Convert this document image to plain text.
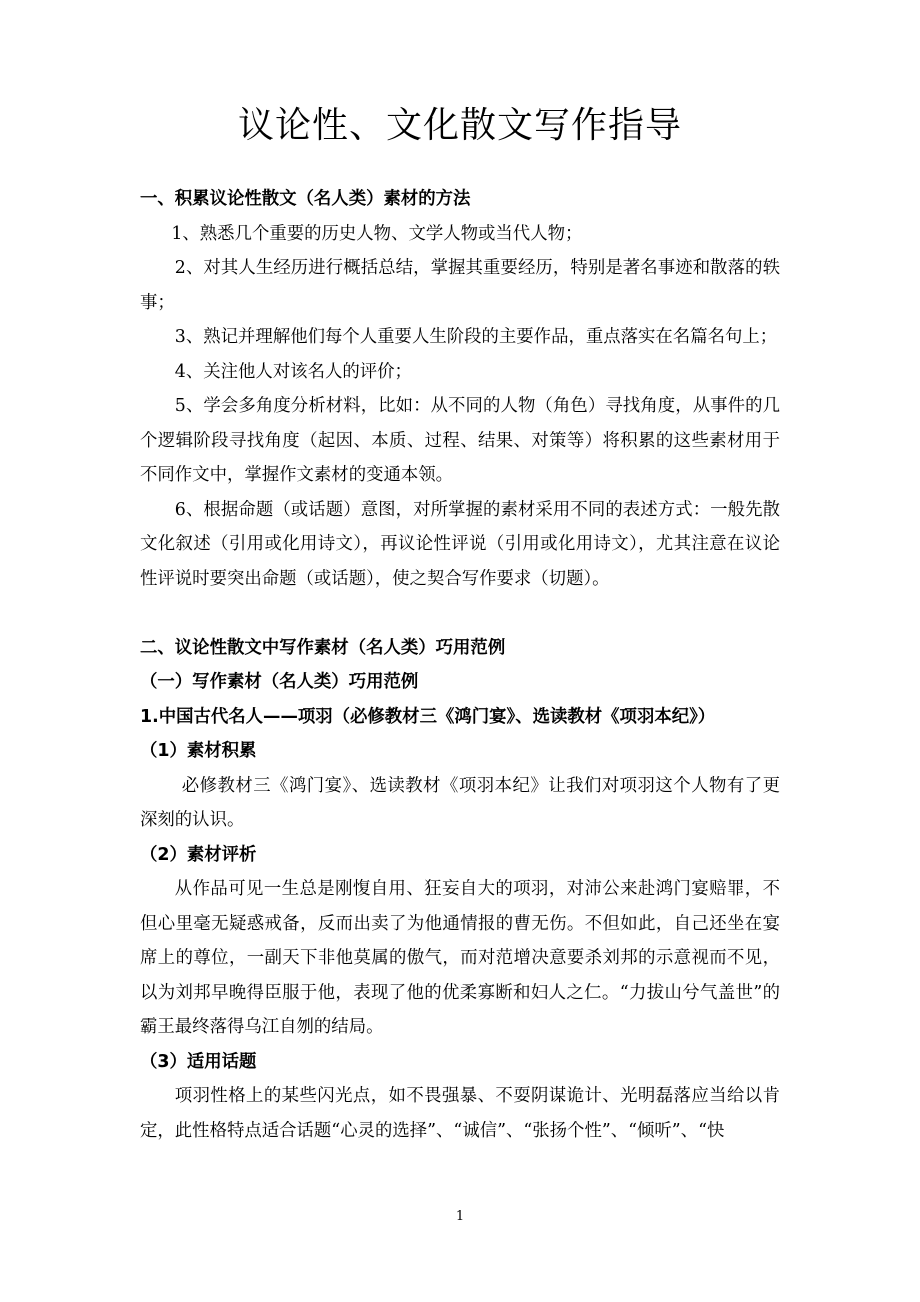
议论性、文化散文写作指导

一、积累议论性散文（名人类）素材的方法

1、熟悉几个重要的历史人物、文学人物或当代人物；

2、对其人生经历进行概括总结，掌握其重要经历，特别是著名事迹和散落的轶事；

3、熟记并理解他们每个人重要人生阶段的主要作品，重点落实在名篇名句上；

4、关注他人对该名人的评价；

5、学会多角度分析材料，比如：从不同的人物（角色）寻找角度，从事件的几个逻辑阶段寻找角度（起因、本质、过程、结果、对策等）将积累的这些素材用于不同作文中，掌握作文素材的变通本领。

6、根据命题（或话题）意图，对所掌握的素材采用不同的表述方式：一般先散文化叙述（引用或化用诗文），再议论性评说（引用或化用诗文），尤其注意在议论性评说时要突出命题（或话题），使之契合写作要求（切题）。

二、议论性散文中写作素材（名人类）巧用范例

（一）写作素材（名人类）巧用范例

1.中国古代名人——项羽（必修教材三《鸿门宴》、选读教材《项羽本纪》）

（1）素材积累

必修教材三《鸿门宴》、选读教材《项羽本纪》让我们对项羽这个人物有了更深刻的认识。

（2）素材评析

从作品可见一生总是刚愎自用、狂妄自大的项羽，对沛公来赴鸿门宴赔罪，不但心里毫无疑惑戒备，反而出卖了为他通情报的曹无伤。不但如此，自己还坐在宴席上的尊位，一副天下非他莫属的傲气，而对范增决意要杀刘邦的示意视而不见，以为刘邦早晚得臣服于他，表现了他的优柔寡断和妇人之仁。“力拔山兮气盖世”的霸王最终落得乌江自刎的结局。

（3）适用话题

项羽性格上的某些闪光点，如不畏强暴、不耍阴谋诡计、光明磊落应当给以肯定，此性格特点适合话题“心灵的选择”、“诚信”、“张扬个性”、“倾听”、“快

1
